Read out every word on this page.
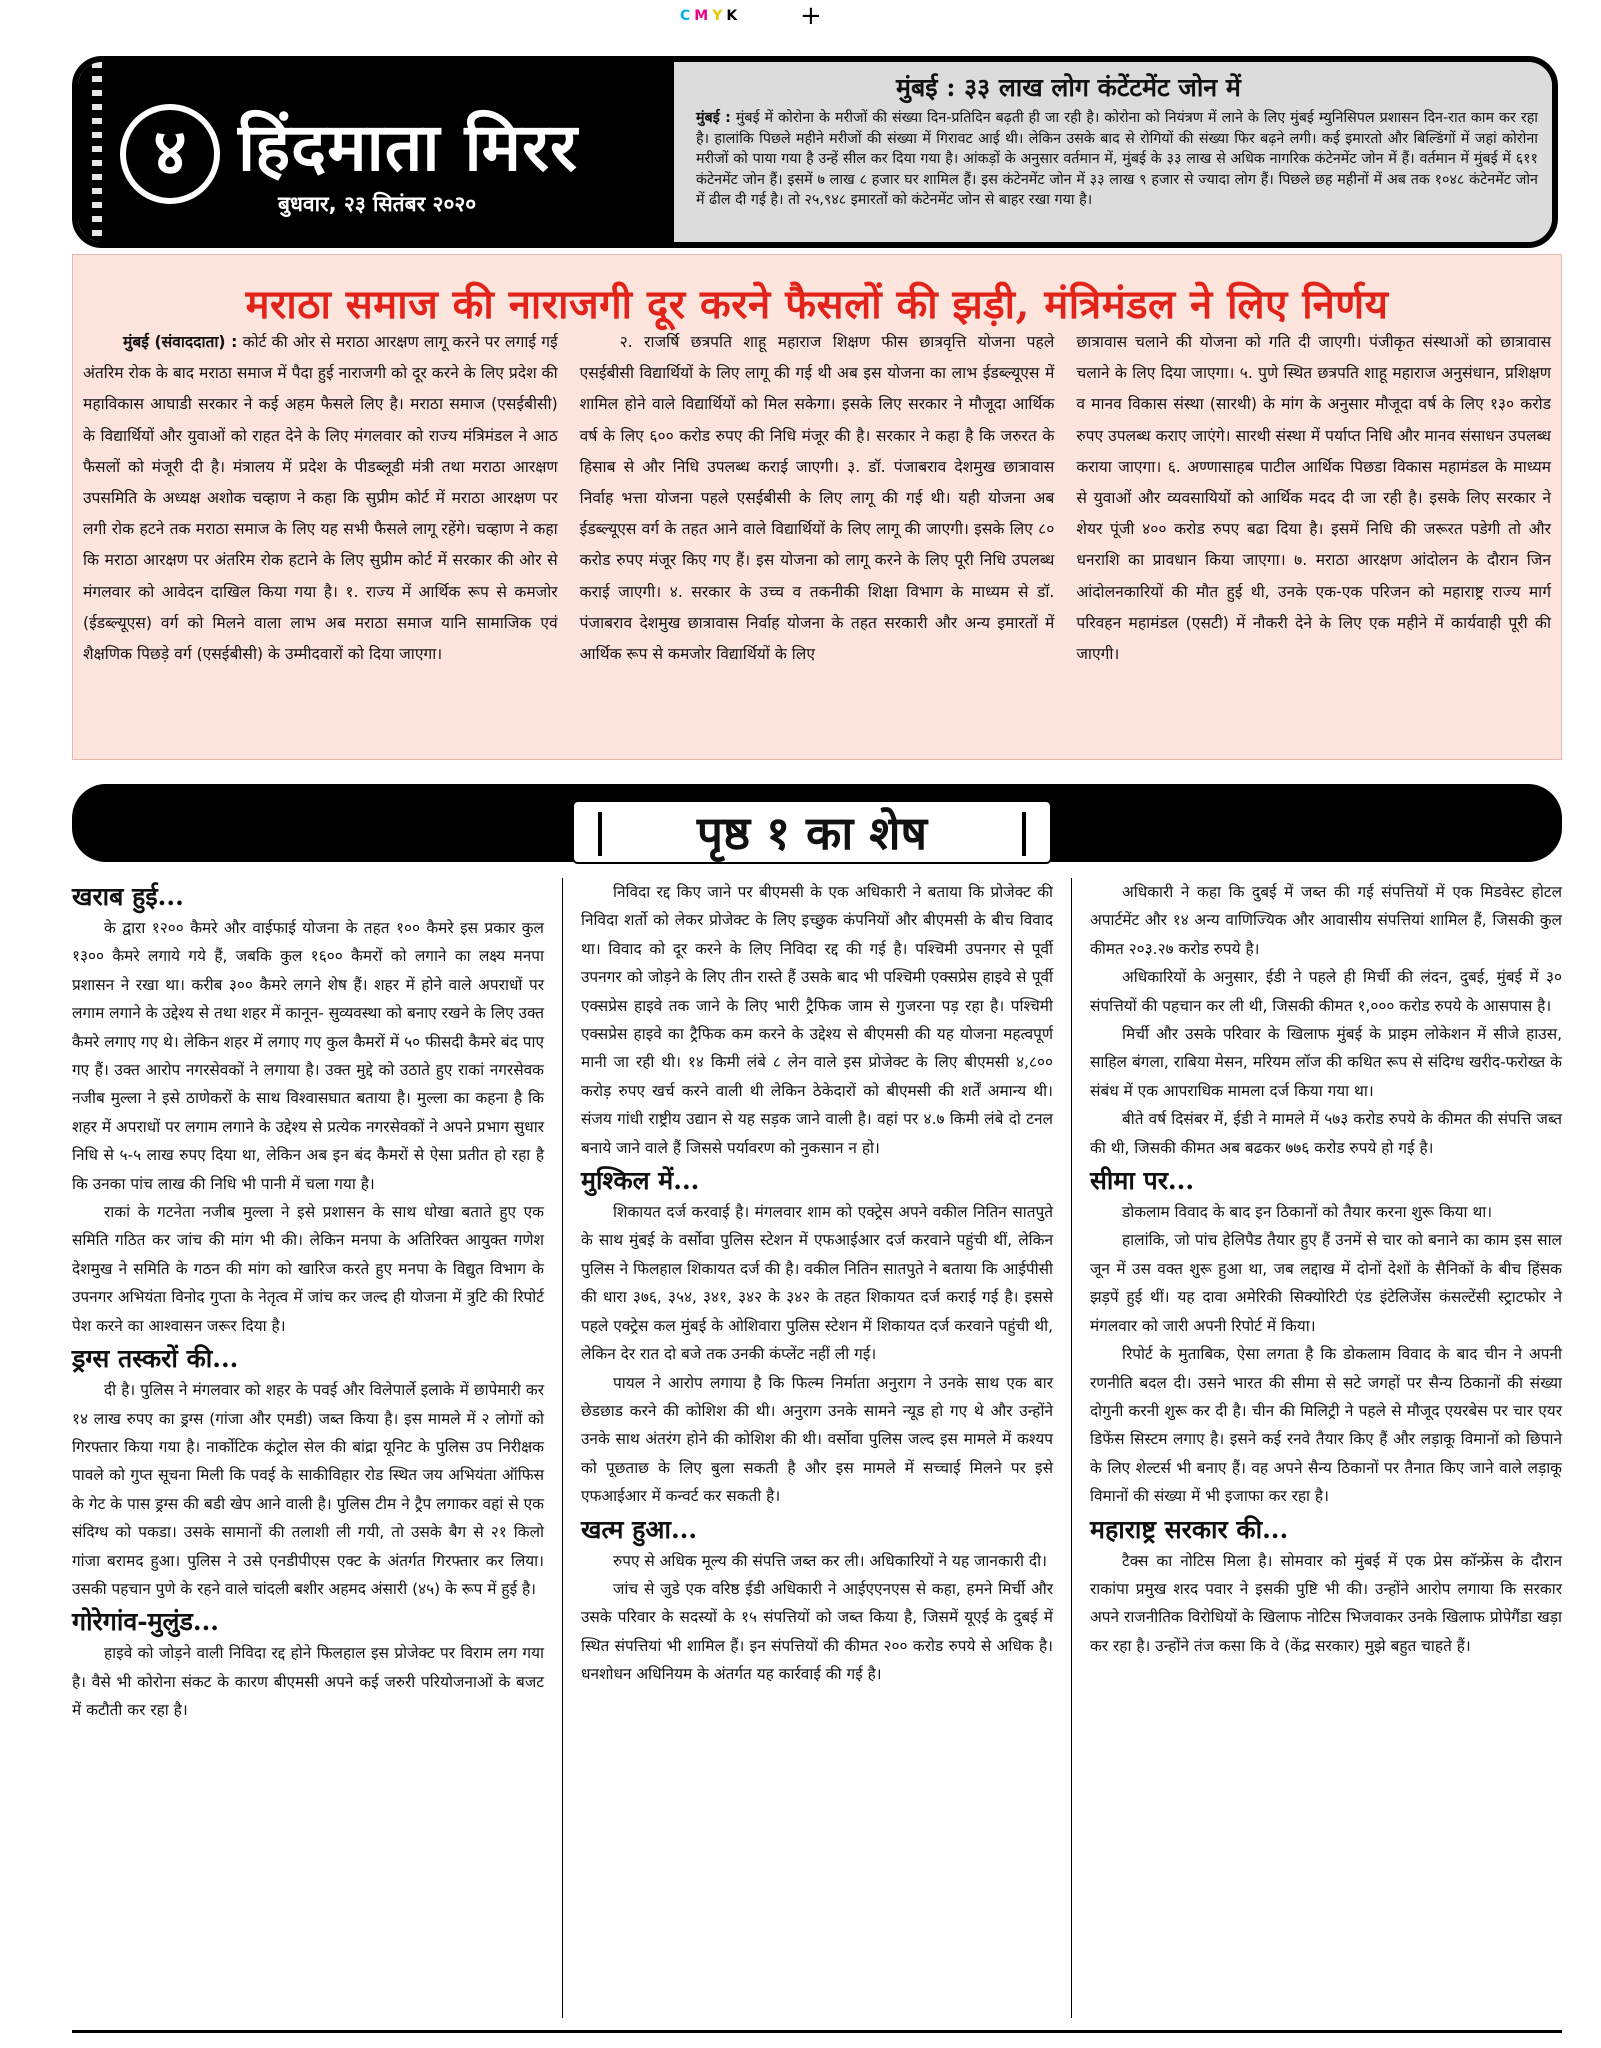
CMYK +
४ हिंदमाता मिरर
बुधवार, २३ सितंबर २०२०
मुंबई : ३३ लाख लोग कंटेंटमेंट जोन में

मुंबई : मुंबई में कोरोना के मरीजों की संख्या दिन-प्रतिदिन बढ़ती ही जा रही है। कोरोना को नियंत्रण में लाने के लिए मुंबई म्युनिसिपल प्रशासन दिन-रात काम कर रहा है। हालांकि पिछले महीने मरीजों की संख्या में गिरावट आई थी। लेकिन उसके बाद से रोगियों की संख्या फिर बढ़ने लगी। कई इमारतो और बिल्डिंगों में जहां कोरोना मरीजों को पाया गया है उन्हें सील कर दिया गया है। आंकड़ों के अनुसार वर्तमान में, मुंबई के ३३ लाख से अधिक नागरिक कंटेनमेंट जोन में हैं। वर्तमान में मुंबई में ६११ कंटेनमेंट जोन हैं। इसमें ७ लाख ८ हजार घर शामिल हैं। इस कंटेनमेंट जोन में ३३ लाख ९ हजार से ज्यादा लोग हैं। पिछले छह महीनों में अब तक १०४८ कंटेनमेंट जोन में ढील दी गई है। तो २५,९४८ इमारतों को कंटेनमेंट जोन से बाहर रखा गया है।

मराठा समाज की नाराजगी दूर करने फैसलों की झड़ी, मंत्रिमंडल ने लिए निर्णय
मुंबई (संवाददाता) : कोर्ट की ओर से मराठा आरक्षण लागू करने पर लगाई गई अंतरिम रोक के बाद मराठा समाज में पैदा हुई नाराजगी को दूर करने के लिए प्रदेश की महाविकास आघाडी सरकार ने कई अहम फैसले लिए है। मराठा समाज (एसईबीसी) के विद्यार्थियों और युवाओं को राहत देने के लिए मंगलवार को राज्य मंत्रिमंडल ने आठ फैसलों को मंजूरी दी है। मंत्रालय में प्रदेश के पीडब्लूडी मंत्री तथा मराठा आरक्षण उपसमिति के अध्यक्ष अशोक चव्हाण ने कहा कि सुप्रीम कोर्ट में मराठा आरक्षण पर लगी रोक हटने तक मराठा समाज के लिए यह सभी फैसले लागू रहेंगे। चव्हाण ने कहा कि मराठा आरक्षण पर अंतरिम रोक हटाने के लिए सुप्रीम कोर्ट में सरकार की ओर से मंगलवार को आवेदन दाखिल किया गया है। १. राज्य में आर्थिक रूप से कमजोर (ईडब्ल्यूएस) वर्ग को मिलने वाला लाभ अब मराठा समाज यानि सामाजिक एवं शैक्षणिक पिछड़े वर्ग (एसईबीसी) के उम्मीदवारों को दिया जाएगा।
२. राजर्षि छत्रपति शाहू महाराज शिक्षण फीस छात्रवृत्ति योजना पहले एसईबीसी विद्यार्थियों के लिए लागू की गई थी अब इस योजना का लाभ ईडब्ल्यूएस में शामिल होने वाले विद्यार्थियों को मिल सकेगा। इसके लिए सरकार ने मौजूदा आर्थिक वर्ष के लिए ६०० करोड रुपए की निधि मंजूर की है। सरकार ने कहा है कि जरुरत के हिसाब से और निधि उपलब्ध कराई जाएगी। ३. डॉ. पंजाबराव देशमुख छात्रावास निर्वाह भत्ता योजना पहले एसईबीसी के लिए लागू की गई थी। यही योजना अब ईडब्ल्यूएस वर्ग के तहत आने वाले विद्यार्थियों के लिए लागू की जाएगी। इसके लिए ८० करोड रुपए मंजूर किए गए हैं। इस योजना को लागू करने के लिए पूरी निधि उपलब्ध कराई जाएगी। ४. सरकार के उच्च व तकनीकी शिक्षा विभाग के माध्यम से डॉ. पंजाबराव देशमुख छात्रावास निर्वाह योजना के तहत सरकारी और अन्य इमारतों में आर्थिक रूप से कमजोर विद्यार्थियों के लिए
छात्रावास चलाने की योजना को गति दी जाएगी। पंजीकृत संस्थाओं को छात्रावास चलाने के लिए दिया जाएगा। ५. पुणे स्थित छत्रपति शाहू महाराज अनुसंधान, प्रशिक्षण व मानव विकास संस्था (सारथी) के मांग के अनुसार मौजूदा वर्ष के लिए १३० करोड रुपए उपलब्ध कराए जाएंगे। सारथी संस्था में पर्याप्त निधि और मानव संसाधन उपलब्ध कराया जाएगा। ६. अण्णासाहब पाटील आर्थिक पिछडा विकास महामंडल के माध्यम से युवाओं और व्यवसायियों को आर्थिक मदद दी जा रही है। इसके लिए सरकार ने शेयर पूंजी ४०० करोड रुपए बढा दिया है। इसमें निधि की जरूरत पडेगी तो और धनराशि का प्रावधान किया जाएगा। ७. मराठा आरक्षण आंदोलन के दौरान जिन आंदोलनकारियों की मौत हुई थी, उनके एक-एक परिजन को महाराष्ट्र राज्य मार्ग परिवहन महामंडल (एसटी) में नौकरी देने के लिए एक महीने में कार्यवाही पूरी की जाएगी।
पृष्ठ १ का शेष
खराब हुई...

के द्वारा १२०० कैमरे और वाईफाई योजना के तहत १०० कैमरे इस प्रकार कुल १३०० कैमरे लगाये गये हैं, जबकि कुल १६०० कैमरों को लगाने का लक्ष्य मनपा प्रशासन ने रखा था। करीब ३०० कैमरे लगने शेष हैं। शहर में होने वाले अपराधों पर लगाम लगाने के उद्देश्य से तथा शहर में कानून- सुव्यवस्था को बनाए रखने के लिए उक्त कैमरे लगाए गए थे। लेकिन शहर में लगाए गए कुल कैमरों में ५० फीसदी कैमरे बंद पाए गए हैं। उक्त आरोप नगरसेवकों ने लगाया है। उक्त मुद्दे को उठाते हुए राकां नगरसेवक नजीब मुल्ला ने इसे ठाणेकरों के साथ विश्वासघात बताया है। मुल्ला का कहना है कि शहर में अपराधों पर लगाम लगाने के उद्देश्य से प्रत्येक नगरसेवकों ने अपने प्रभाग सुधार निधि से ५-५ लाख रुपए दिया था, लेकिन अब इन बंद कैमरों से ऐसा प्रतीत हो रहा है कि उनका पांच लाख की निधि भी पानी में चला गया है।

राकां के गटनेता नजीब मुल्ला ने इसे प्रशासन के साथ धोखा बताते हुए एक समिति गठित कर जांच की मांग भी की। लेकिन मनपा के अतिरिक्त आयुक्त गणेश देशमुख ने समिति के गठन की मांग को खारिज करते हुए मनपा के विद्युत विभाग के उपनगर अभियंता विनोद गुप्ता के नेतृत्व में जांच कर जल्द ही योजना में त्रुटि की रिपोर्ट पेश करने का आश्वासन जरूर दिया है।

ड्रग्स तस्करों की...

दी है। पुलिस ने मंगलवार को शहर के पवई और विलेपार्ले इलाके में छापेमारी कर १४ लाख रुपए का ड्रग्स (गांजा और एमडी) जब्त किया है। इस मामले में २ लोगों को गिरफ्तार किया गया है। नार्कोटिक कंट्रोल सेल की बांद्रा यूनिट के पुलिस उप निरीक्षक पावले को गुप्त सूचना मिली कि पवई के साकीविहार रोड स्थित जय अभियंता ऑफिस के गेट के पास ड्रग्स की बडी खेप आने वाली है। पुलिस टीम ने ट्रैप लगाकर वहां से एक संदिग्ध को पकडा। उसके सामानों की तलाशी ली गयी, तो उसके बैग से २१ किलो गांजा बरामद हुआ। पुलिस ने उसे एनडीपीएस एक्ट के अंतर्गत गिरफ्तार कर लिया। उसकी पहचान पुणे के रहने वाले चांदली बशीर अहमद अंसारी (४५) के रूप में हुई है।

गोरेगांव-मुलुंड...

हाइवे को जोड़ने वाली निविदा रद्द होने फिलहाल इस प्रोजेक्ट पर विराम लग गया है। वैसे भी कोरोना संकट के कारण बीएमसी अपने कई जरुरी परियोजनाओं के बजट में कटौती कर रहा है।

निविदा रद्द किए जाने पर बीएमसी के एक अधिकारी ने बताया कि प्रोजेक्ट की निविदा शर्तो को लेकर प्रोजेक्ट के लिए इच्छुक कंपनियों और बीएमसी के बीच विवाद था। विवाद को दूर करने के लिए निविदा रद्द की गई है। पश्चिमी उपनगर से पूर्वी उपनगर को जोड़ने के लिए तीन रास्ते हैं उसके बाद भी पश्चिमी एक्सप्रेस हाइवे से पूर्वी एक्सप्रेस हाइवे तक जाने के लिए भारी ट्रैफिक जाम से गुजरना पड़ रहा है। पश्चिमी एक्सप्रेस हाइवे का ट्रैफिक कम करने के उद्देश्य से बीएमसी की यह योजना महत्वपूर्ण मानी जा रही थी। १४ किमी लंबे ८ लेन वाले इस प्रोजेक्ट के लिए बीएमसी ४,८०० करोड़ रुपए खर्च करने वाली थी लेकिन ठेकेदारों को बीएमसी की शर्तें अमान्य थी। संजय गांधी राष्ट्रीय उद्यान से यह सड़क जाने वाली है। वहां पर ४.७ किमी लंबे दो टनल बनाये जाने वाले हैं जिससे पर्यावरण को नुकसान न हो।

मुश्किल में...

शिकायत दर्ज करवाई है। मंगलवार शाम को एक्ट्रेस अपने वकील नितिन सातपुते के साथ मुंबई के वर्सोवा पुलिस स्टेशन में एफआईआर दर्ज करवाने पहुंची थीं, लेकिन पुलिस ने फिलहाल शिकायत दर्ज की है। वकील नितिन सातपुते ने बताया कि आईपीसी की धारा ३७६, ३५४, ३४१, ३४२ के ३४२ के तहत शिकायत दर्ज कराई गई है। इससे पहले एक्ट्रेस कल मुंबई के ओशिवारा पुलिस स्टेशन में शिकायत दर्ज करवाने पहुंची थी, लेकिन देर रात दो बजे तक उनकी कंप्लेंट नहीं ली गई।

पायल ने आरोप लगाया है कि फिल्म निर्माता अनुराग ने उनके साथ एक बार छेडछाड करने की कोशिश की थी। अनुराग उनके सामने न्यूड हो गए थे और उन्होंने उनके साथ अंतरंग होने की कोशिश की थी। वर्सोवा पुलिस जल्द इस मामले में कश्यप को पूछताछ के लिए बुला सकती है और इस मामले में सच्चाई मिलने पर इसे एफआईआर में कन्वर्ट कर सकती है।

खत्म हुआ...

रुपए से अधिक मूल्य की संपत्ति जब्त कर ली। अधिकारियों ने यह जानकारी दी।

जांच से जुडे एक वरिष्ठ ईडी अधिकारी ने आईएएनएस से कहा, हमने मिर्ची और उसके परिवार के सदस्यों के १५ संपत्तियों को जब्त किया है, जिसमें यूएई के दुबई में स्थित संपत्तियां भी शामिल हैं। इन संपत्तियों की कीमत २०० करोड रुपये से अधिक है। धनशोधन अधिनियम के अंतर्गत यह कार्रवाई की गई है।

अधिकारी ने कहा कि दुबई में जब्त की गई संपत्तियों में एक मिडवेस्ट होटल अपार्टमेंट और १४ अन्य वाणिज्यिक और आवासीय संपत्तियां शामिल हैं, जिसकी कुल कीमत २०३.२७ करोड रुपये है।

अधिकारियों के अनुसार, ईडी ने पहले ही मिर्ची की लंदन, दुबई, मुंबई में ३० संपत्तियों की पहचान कर ली थी, जिसकी कीमत १,००० करोड रुपये के आसपास है।

मिर्ची और उसके परिवार के खिलाफ मुंबई के प्राइम लोकेशन में सीजे हाउस, साहिल बंगला, राबिया मेसन, मरियम लॉज की कथित रूप से संदिग्ध खरीद-फरोख्त के संबंध में एक आपराधिक मामला दर्ज किया गया था।

बीते वर्ष दिसंबर में, ईडी ने मामले में ५७३ करोड रुपये के कीमत की संपत्ति जब्त की थी, जिसकी कीमत अब बढकर ७७६ करोड रुपये हो गई है।

सीमा पर...

डोकलाम विवाद के बाद इन ठिकानों को तैयार करना शुरू किया था।

हालांकि, जो पांच हेलिपैड तैयार हुए हैं उनमें से चार को बनाने का काम इस साल जून में उस वक्त शुरू हुआ था, जब लद्दाख में दोनों देशों के सैनिकों के बीच हिंसक झड़पें हुई थीं। यह दावा अमेरिकी सिक्योरिटी एंड इंटेलिजेंस कंसल्टेंसी स्ट्राटफोर ने मंगलवार को जारी अपनी रिपोर्ट में किया।

रिपोर्ट के मुताबिक, ऐसा लगता है कि डोकलाम विवाद के बाद चीन ने अपनी रणनीति बदल दी। उसने भारत की सीमा से सटे जगहों पर सैन्य ठिकानों की संख्या दोगुनी करनी शुरू कर दी है। चीन की मिलिट्री ने पहले से मौजूद एयरबेस पर चार एयर डिफेंस सिस्टम लगाए है। इसने कई रनवे तैयार किए हैं और लड़ाकू विमानों को छिपाने के लिए शेल्टर्स भी बनाए हैं। वह अपने सैन्य ठिकानों पर तैनात किए जाने वाले लड़ाकू विमानों की संख्या में भी इजाफा कर रहा है।

महाराष्ट्र सरकार की...

टैक्स का नोटिस मिला है। सोमवार को मुंबई में एक प्रेस कॉन्फ्रेंस के दौरान राकांपा प्रमुख शरद पवार ने इसकी पुष्टि भी की। उन्होंने आरोप लगाया कि सरकार अपने राजनीतिक विरोधियों के खिलाफ नोटिस भिजवाकर उनके खिलाफ प्रोपेगैंडा खड़ा कर रहा है। उन्होंने तंज कसा कि वे (केंद्र सरकार) मुझे बहुत चाहते हैं।
